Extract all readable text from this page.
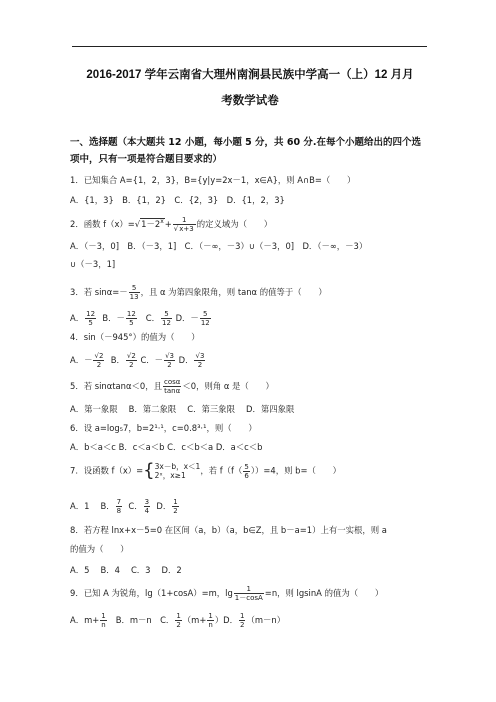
2016-2017 学年云南省大理州南涧县民族中学高一（上）12 月月
考数学试卷
一、选择题（本大题共 12 小题，每小题 5 分，共 60 分.在每个小题给出的四个选
项中，只有一项是符合题目要求的）
1．已知集合 A={1，2，3}，B={y|y=2x－1，x∈A}，则 A∩B=（　　）
A．{1，3}　B．{1，2}　C．{2，3}　D．{1，2，3}
2．函数 $f(x)=√1-2^x+ \frac{1}{√x+3}$ 的定义域为（　　）
A．（－3，0]　B．（－3，1]　C．（－∞，－3）∪（－3，0]　D．（－∞，－3）
∪（－3，1]
3．若 $\sin\alpha=- \frac{5}{13}$ ，且 α 为第四象限角，则 tanα 的值等于（　　）
A． $\frac{12}{5}$ B．－ $\frac{12}{5}$ C． $\frac{5}{12}$ D．－ $\frac{5}{12}$
4．sin（－945°）的值为（　　）
A．－ $\frac{√2}{2}$ B． $\frac{√2}{2}$ C．－ $\frac{√3}{2}$ D． $\frac{√3}{2}$
5．若 sinαtanα＜0，且 $\frac{\cos\alpha}{\tan\alpha} <0$，则角 α 是（　　）
A．第一象限　 B．第二象限　 C．第三象限　 D．第四象限
6．设 a=log₅7，b=2¹·¹，c=0.8³·¹，则（　　）
A．b＜a＜c B．c＜a＜b C．c＜b＜a D．a＜c＜b
7．设函数 f（x）={ 3x－b，x＜1
2ˣ，x≥1	，若 $f(f( \frac{5}{6} ))=4$，则 b=（　　）
A．1　 B． $\frac{7}{8}$ C． $\frac{3}{4}$ D． $\frac{1}{2}$
8．若方程 lnx+x－5=0 在区间（a，b）（a，b∈Z，且 b－a=1）上有一实根，则 a
的值为（　　）
A．5　 B．4　 C．3　 D．2
9．已知 A 为锐角，lg（1+cosA）=m，$\lg \frac{1}{1-\cos A} =n$，则 lgsinA 的值为（　　）
A．$m+ \frac{1}{n}$ B．m－n　C． $\frac{1}{2} (m+ \frac{1}{n} )D$． $\frac{1}{2} (m-n)$
